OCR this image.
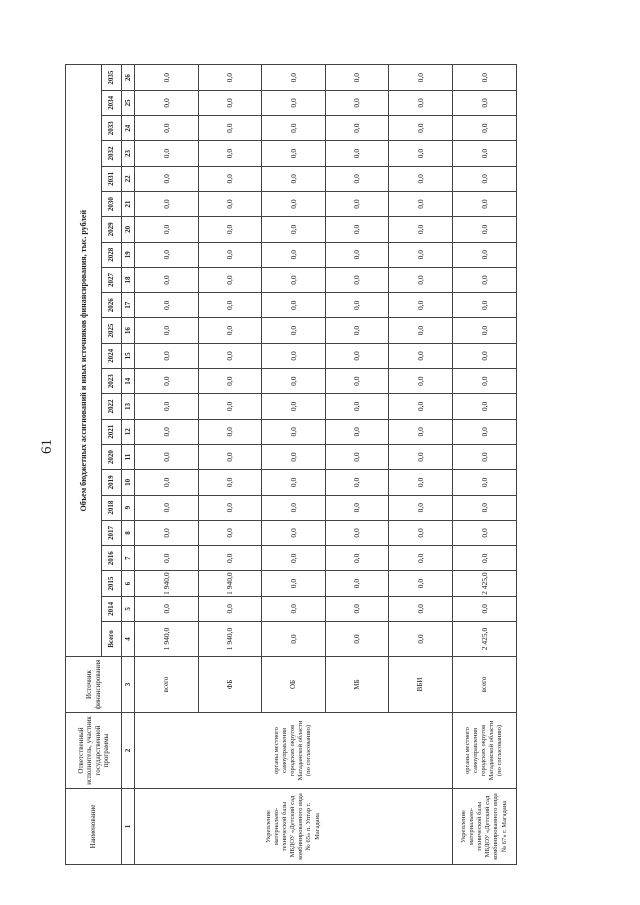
61
Наименование	Ответственный исполнитель, участник государственной программы	Источник финансирования	Объем бюджетных ассигнований и иных источников финансирования, тыс. рублей																						
			Всего	2014	2015	2016	2017	2018	2019	2020	2021	2022	2023	2024	2025	2026	2027	2028	2029	2030	2031	2032	2033	2034	2035
1	2	3	4	5	6	7	8	9	10	11	12	13	14	15	16	17	18	19	20	21	22	23	24	25	26
Укрепление материально-технической базы МБДОУ «Детский сад комбинированного вида № 65» п. Уптар г. Магадана	органы местного самоуправления городских округов Магаданской области (по согласованию)	всего	1 940,0	0,0	1 940,0	0,0	0,0	0,0	0,0	0,0	0,0	0,0	0,0	0,0	0,0	0,0	0,0	0,0	0,0	0,0	0,0	0,0	0,0	0,0	0,0
		ФБ	1 940,0	0,0	1 940,0	0,0	0,0	0,0	0,0	0,0	0,0	0,0	0,0	0,0	0,0	0,0	0,0	0,0	0,0	0,0	0,0	0,0	0,0	0,0	0,0
		ОБ	0,0	0,0	0,0	0,0	0,0	0,0	0,0	0,0	0,0	0,0	0,0	0,0	0,0	0,0	0,0	0,0	0,0	0,0	0,0	0,0	0,0	0,0	0,0
		МБ	0,0	0,0	0,0	0,0	0,0	0,0	0,0	0,0	0,0	0,0	0,0	0,0	0,0	0,0	0,0	0,0	0,0	0,0	0,0	0,0	0,0	0,0	0,0
		ВБИ	0,0	0,0	0,0	0,0	0,0	0,0	0,0	0,0	0,0	0,0	0,0	0,0	0,0	0,0	0,0	0,0	0,0	0,0	0,0	0,0	0,0	0,0	0,0
Укрепление материально-технической базы МБДОУ «Детский сад комбинированного вида № 67» г. Магадана	органы местного самоуправления городских округов Магаданской области (по согласованию)	всего	2 425,0	0,0	2 425,0	0,0	0,0	0,0	0,0	0,0	0,0	0,0	0,0	0,0	0,0	0,0	0,0	0,0	0,0	0,0	0,0	0,0	0,0	0,0	0,0
